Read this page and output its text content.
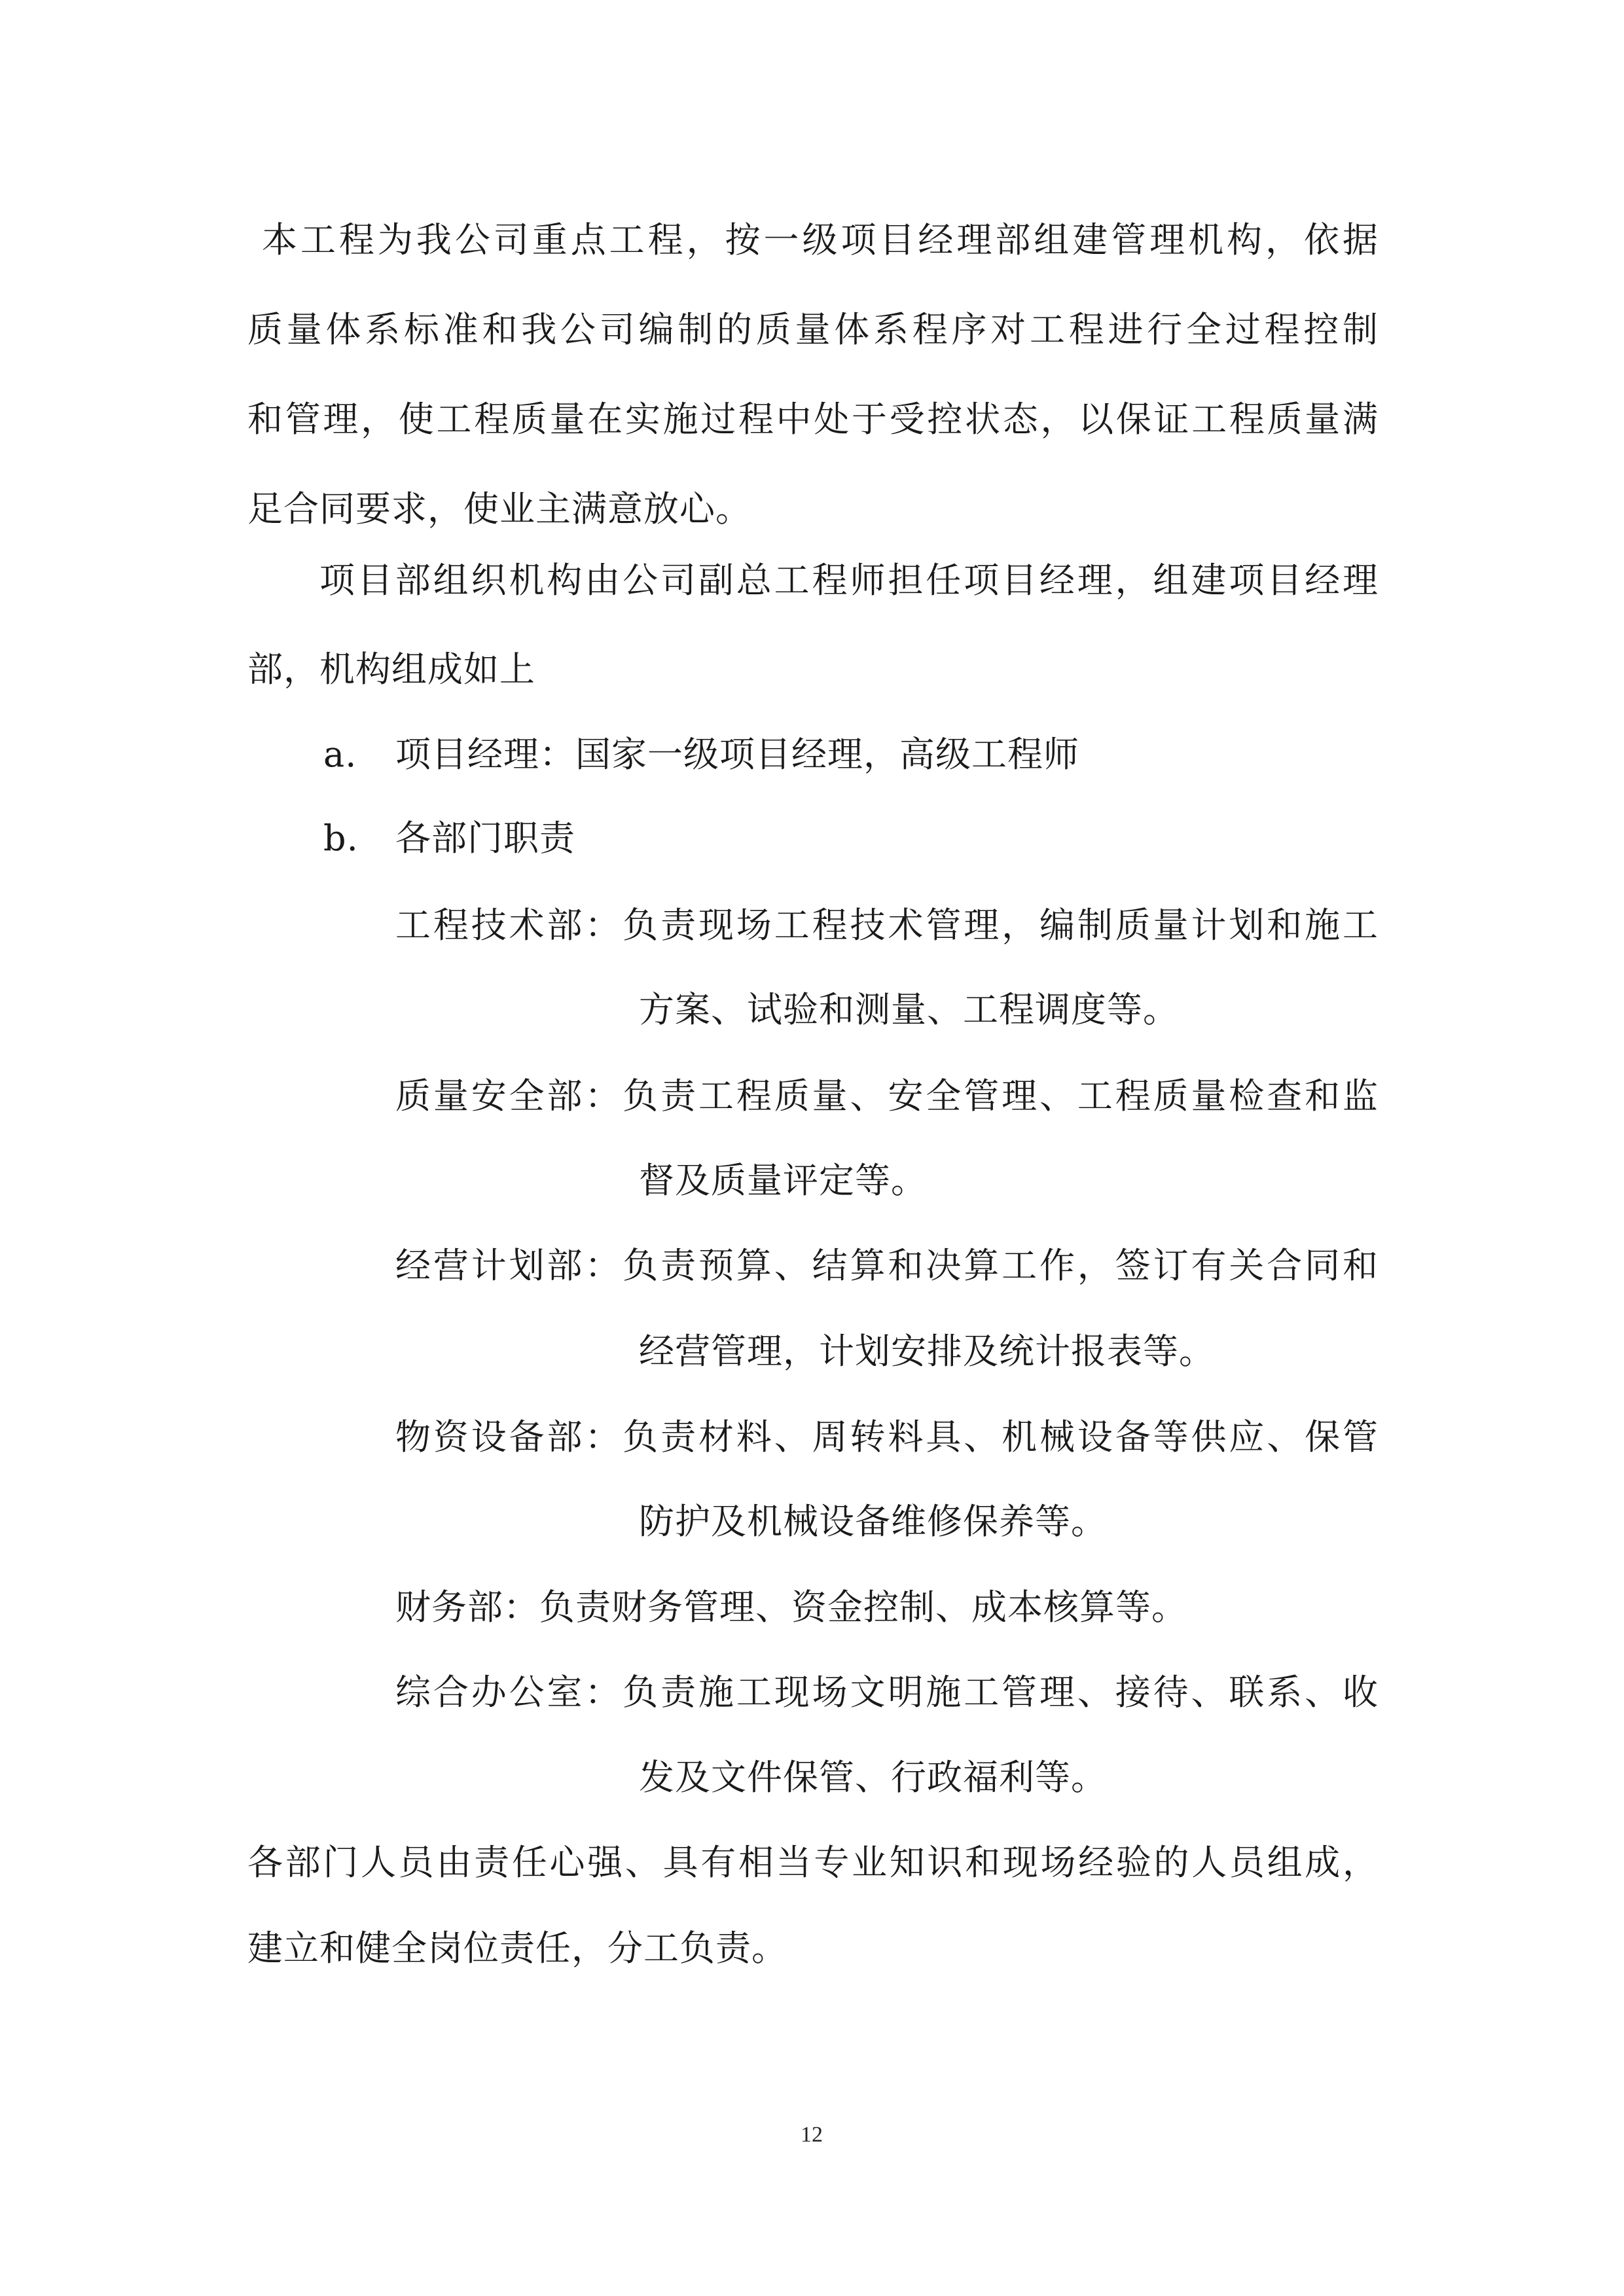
本工程为我公司重点工程，按一级项目经理部组建管理机构，依据
质量体系标准和我公司编制的质量体系程序对工程进行全过程控制
和管理，使工程质量在实施过程中处于受控状态，以保证工程质量满
足合同要求，使业主满意放心。
项目部组织机构由公司副总工程师担任项目经理，组建项目经理
部，机构组成如上
a. 项目经理：国家一级项目经理，高级工程师
b. 各部门职责
工程技术部：负责现场工程技术管理，编制质量计划和施工
方案、试验和测量、工程调度等。
质量安全部：负责工程质量、安全管理、工程质量检查和监
督及质量评定等。
经营计划部：负责预算、结算和决算工作，签订有关合同和
经营管理，计划安排及统计报表等。
物资设备部：负责材料、周转料具、机械设备等供应、保管
防护及机械设备维修保养等。
财务部：负责财务管理、资金控制、成本核算等。
综合办公室：负责施工现场文明施工管理、接待、联系、收
发及文件保管、行政福利等。
各部门人员由责任心强、具有相当专业知识和现场经验的人员组成，
建立和健全岗位责任，分工负责。
12
